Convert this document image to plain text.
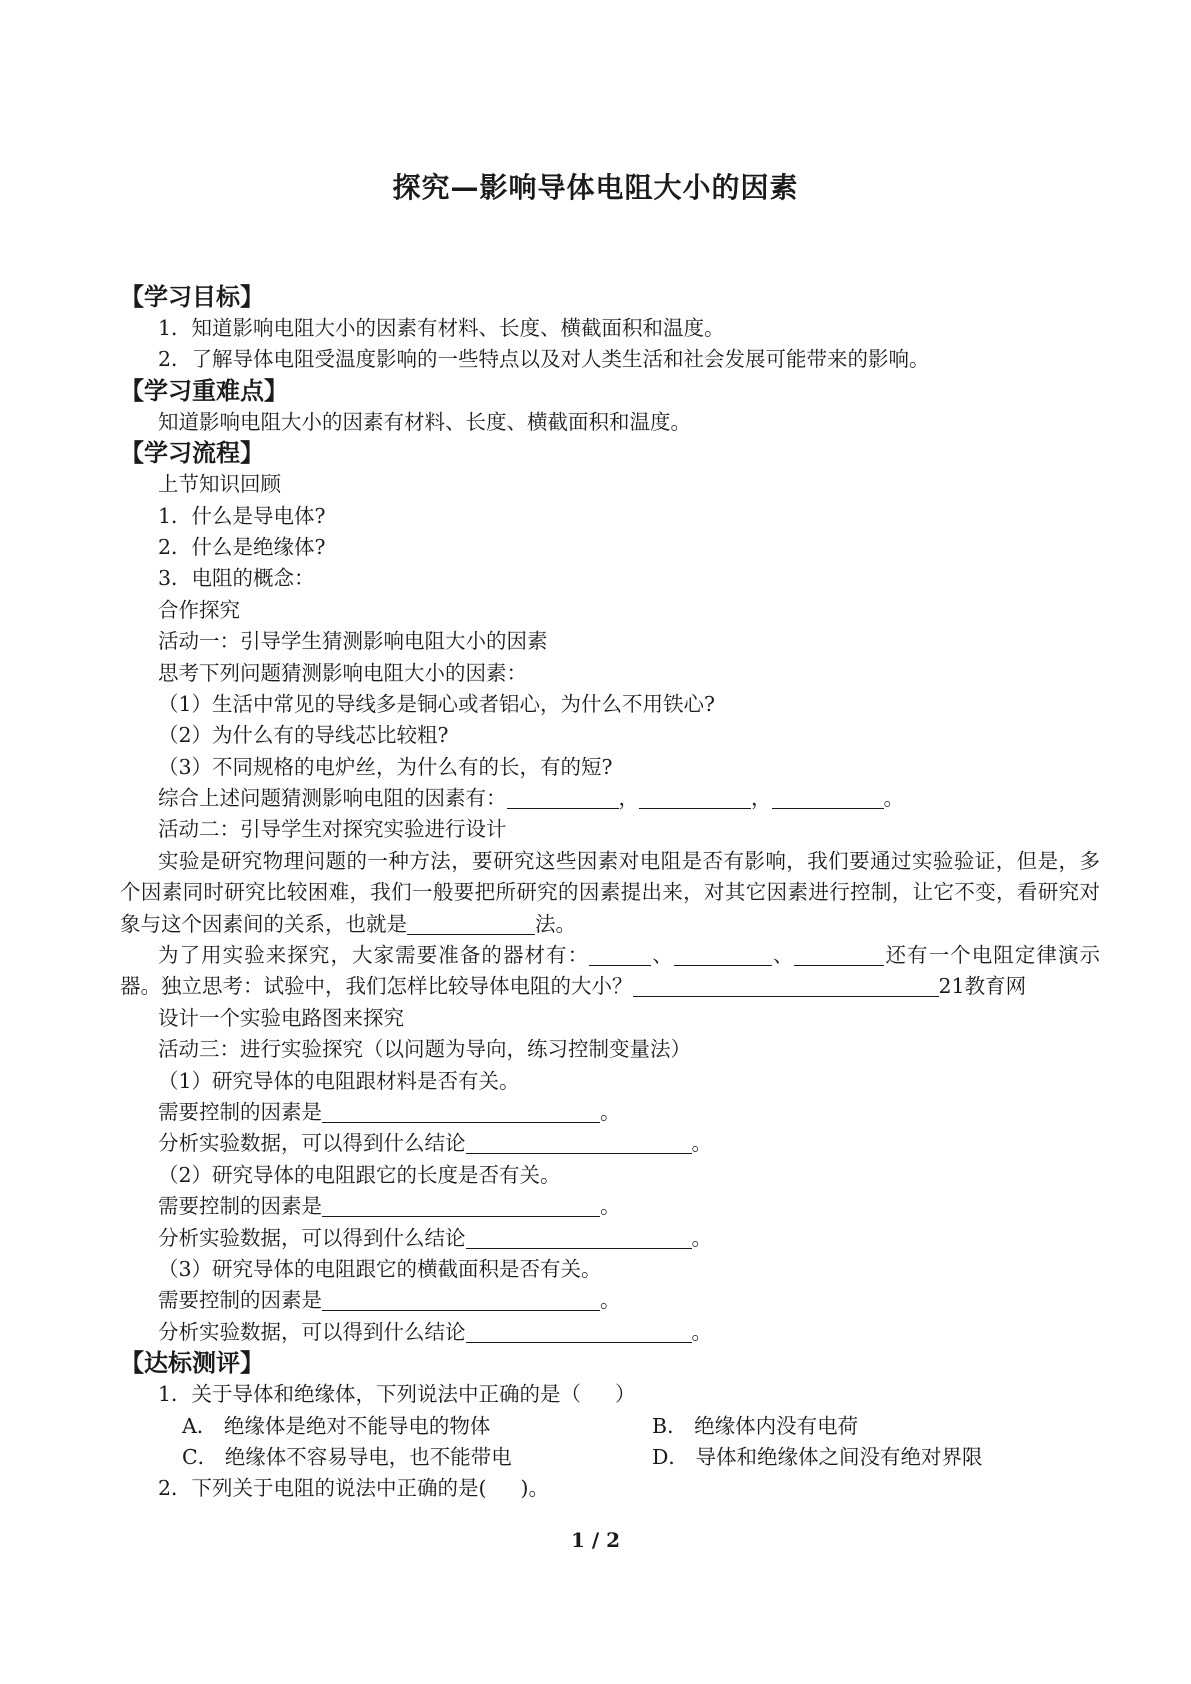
探究—影响导体电阻大小的因素
【学习目标】
1．知道影响电阻大小的因素有材料、长度、横截面积和温度。
2．了解导体电阻受温度影响的一些特点以及对人类生活和社会发展可能带来的影响。
【学习重难点】
知道影响电阻大小的因素有材料、长度、横截面积和温度。
【学习流程】
上节知识回顾
1．什么是导电体?
2．什么是绝缘体?
3．电阻的概念：
合作探究
活动一：引导学生猜测影响电阻大小的因素
思考下列问题猜测影响电阻大小的因素：
（1）生活中常见的导线多是铜心或者铝心，为什么不用铁心?
（2）为什么有的导线芯比较粗?
（3）不同规格的电炉丝，为什么有的长，有的短?
综合上述问题猜测影响电阻的因素有：	，	，	。
活动二：引导学生对探究实验进行设计
实验是研究物理问题的一种方法，要研究这些因素对电阻是否有影响，我们要通过实验验证，但是，多个因素同时研究比较困难，我们一般要把所研究的因素提出来，对其它因素进行控制，让它不变，看研究对象与这个因素间的关系，也就是	法。
为了用实验来探究，大家需要准备的器材有：	、	、	还有一个电阻定律演示器。独立思考：试验中，我们怎样比较导体电阻的大小？	21教育网
设计一个实验电路图来探究
活动三：进行实验探究（以问题为导向，练习控制变量法）
（1）研究导体的电阻跟材料是否有关。
需要控制的因素是	。
分析实验数据，可以得到什么结论	。
（2）研究导体的电阻跟它的长度是否有关。
需要控制的因素是	。
分析实验数据，可以得到什么结论	。
（3）研究导体的电阻跟它的横截面积是否有关。
需要控制的因素是	。
分析实验数据，可以得到什么结论	。
【达标测评】
1．关于导体和绝缘体，下列说法中正确的是（ ）
A． 绝缘体是绝对不能导电的物体	B． 绝缘体内没有电荷
C． 绝缘体不容易导电，也不能带电	D． 导体和绝缘体之间没有绝对界限
2．下列关于电阻的说法中正确的是( )。
1 / 2
